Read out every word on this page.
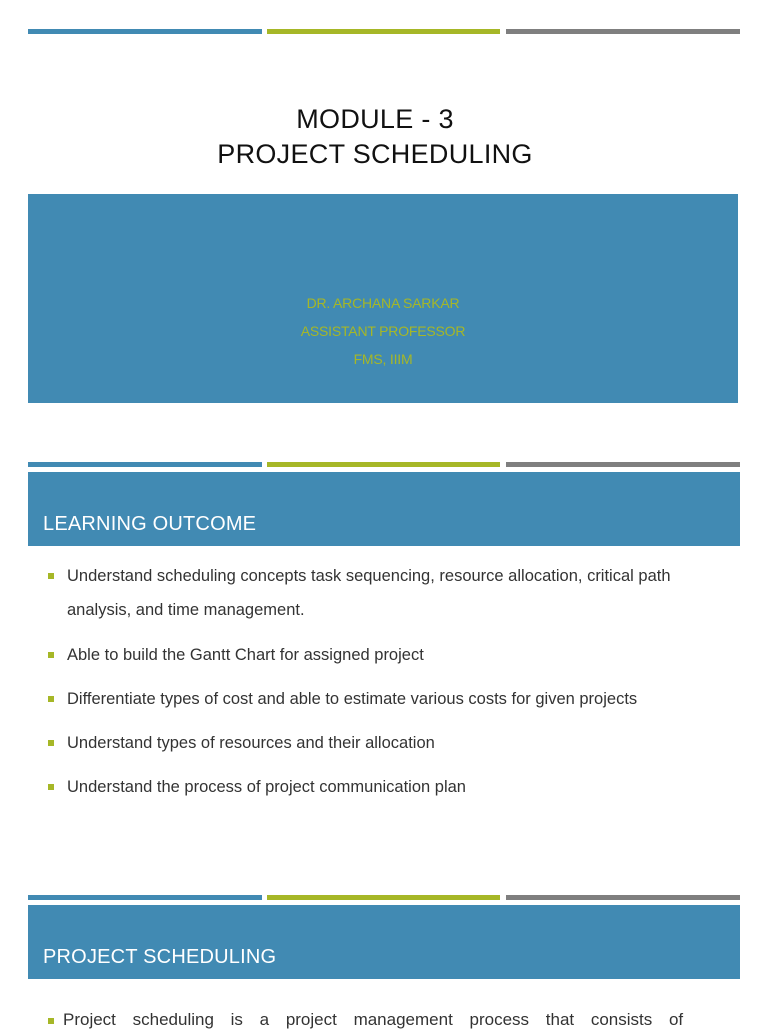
MODULE - 3
PROJECT SCHEDULING
DR. ARCHANA SARKAR
ASSISTANT PROFESSOR
FMS, IIIM
LEARNING OUTCOME
Understand scheduling concepts task sequencing, resource allocation, critical path analysis, and time management.
Able to build the Gantt Chart for assigned project
Differentiate types of cost and able to estimate various costs for given projects
Understand types of resources and their allocation
Understand the process of project communication plan
PROJECT SCHEDULING
Project scheduling is a project management process that consists of
